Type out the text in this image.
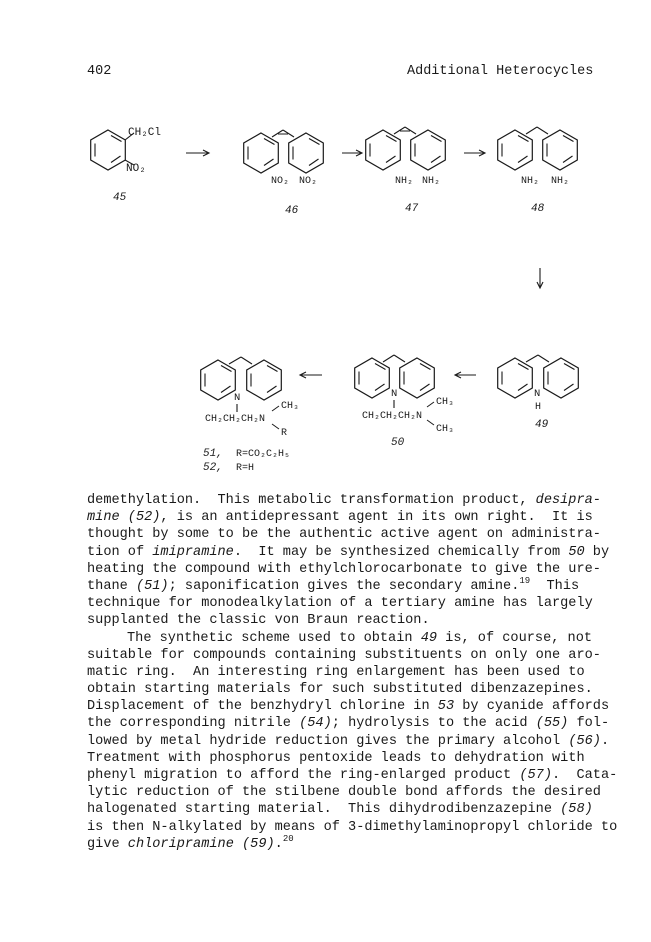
402	Additional Heterocycles
CH₂Cl
NO₂
45
NO₂ NO₂
46
NH₂ NH₂
47
NH₂ NH₂
48
N
H
49
N
CH₂CH₂CH₂N
CH₃
CH₃
50
N
CH₂CH₂CH₂N
CH₃
R
51, R=CO₂C₂H₅
52, R=H
demethylation.  This metabolic transformation product, desipra-
mine (52), is an antidepressant agent in its own right.  It is
thought by some to be the authentic active agent on administra-
tion of imipramine.  It may be synthesized chemically from 50 by
heating the compound with ethylchlorocarbonate to give the ure-
thane (51); saponification gives the secondary amine.$^{19}$  This
technique for monodealkylation of a tertiary amine has largely
supplanted the classic von Braun reaction.
The synthetic scheme used to obtain 49 is, of course, not
suitable for compounds containing substituents on only one aro-
matic ring.  An interesting ring enlargement has been used to
obtain starting materials for such substituted dibenzazepines.
Displacement of the benzhydryl chlorine in 53 by cyanide affords
the corresponding nitrile (54); hydrolysis to the acid (55) fol-
lowed by metal hydride reduction gives the primary alcohol (56).
Treatment with phosphorus pentoxide leads to dehydration with
phenyl migration to afford the ring-enlarged product (57).  Cata-
lytic reduction of the stilbene double bond affords the desired
halogenated starting material.  This dihydrodibenzazepine (58)
is then N-alkylated by means of 3-dimethylaminopropyl chloride to
give chloripramine (59).$^{20}$
